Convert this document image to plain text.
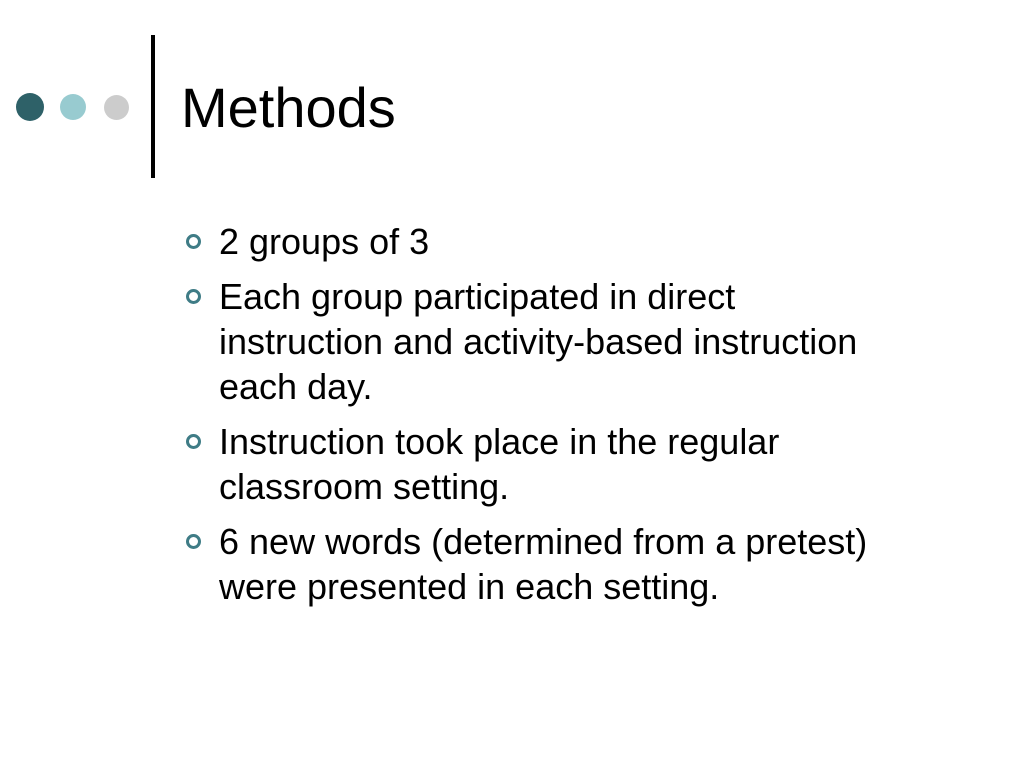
Methods
2 groups of 3
Each group participated in direct instruction and activity-based instruction each day.
Instruction took place in the regular classroom setting.
6 new words (determined from a pretest) were presented in each setting.
